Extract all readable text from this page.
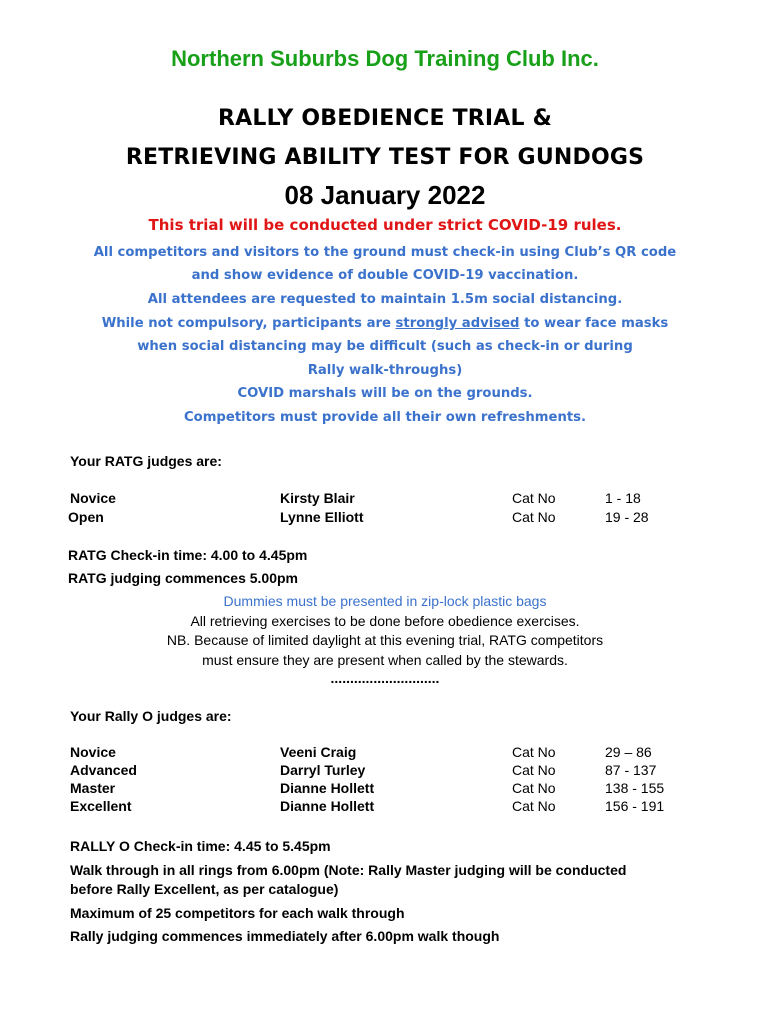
Northern Suburbs Dog Training Club Inc.
RALLY OBEDIENCE TRIAL &
RETRIEVING ABILITY TEST FOR GUNDOGS
08 January 2022
This trial will be conducted under strict COVID-19 rules.
All competitors and visitors to the ground must check-in using Club’s QR code
and show evidence of double COVID-19 vaccination.
All attendees are requested to maintain 1.5m social distancing.
While not compulsory, participants are strongly advised to wear face masks
when social distancing may be difficult (such as check-in or during
Rally walk-throughs)
COVID marshals will be on the grounds.
Competitors must provide all their own refreshments.
Your RATG judges are:
Novice	Kirsty Blair	Cat No	1 - 18
Open	Lynne Elliott	Cat No	19 - 28
RATG Check-in time: 4.00 to 4.45pm
RATG judging commences 5.00pm
Dummies must be presented in zip-lock plastic bags
All retrieving exercises to be done before obedience exercises.
NB. Because of limited daylight at this evening trial, RATG competitors
must ensure they are present when called by the stewards.
............................
Your Rally O judges are:
Novice	Veeni Craig	Cat No	29 – 86
Advanced	Darryl Turley	Cat No	87 - 137
Master	Dianne Hollett	Cat No	138 - 155
Excellent	Dianne Hollett	Cat No	156 - 191
RALLY O Check-in time: 4.45 to 5.45pm
Walk through in all rings from 6.00pm (Note: Rally Master judging will be conducted
before Rally Excellent, as per catalogue)
Maximum of 25 competitors for each walk through
Rally judging commences immediately after 6.00pm walk though
